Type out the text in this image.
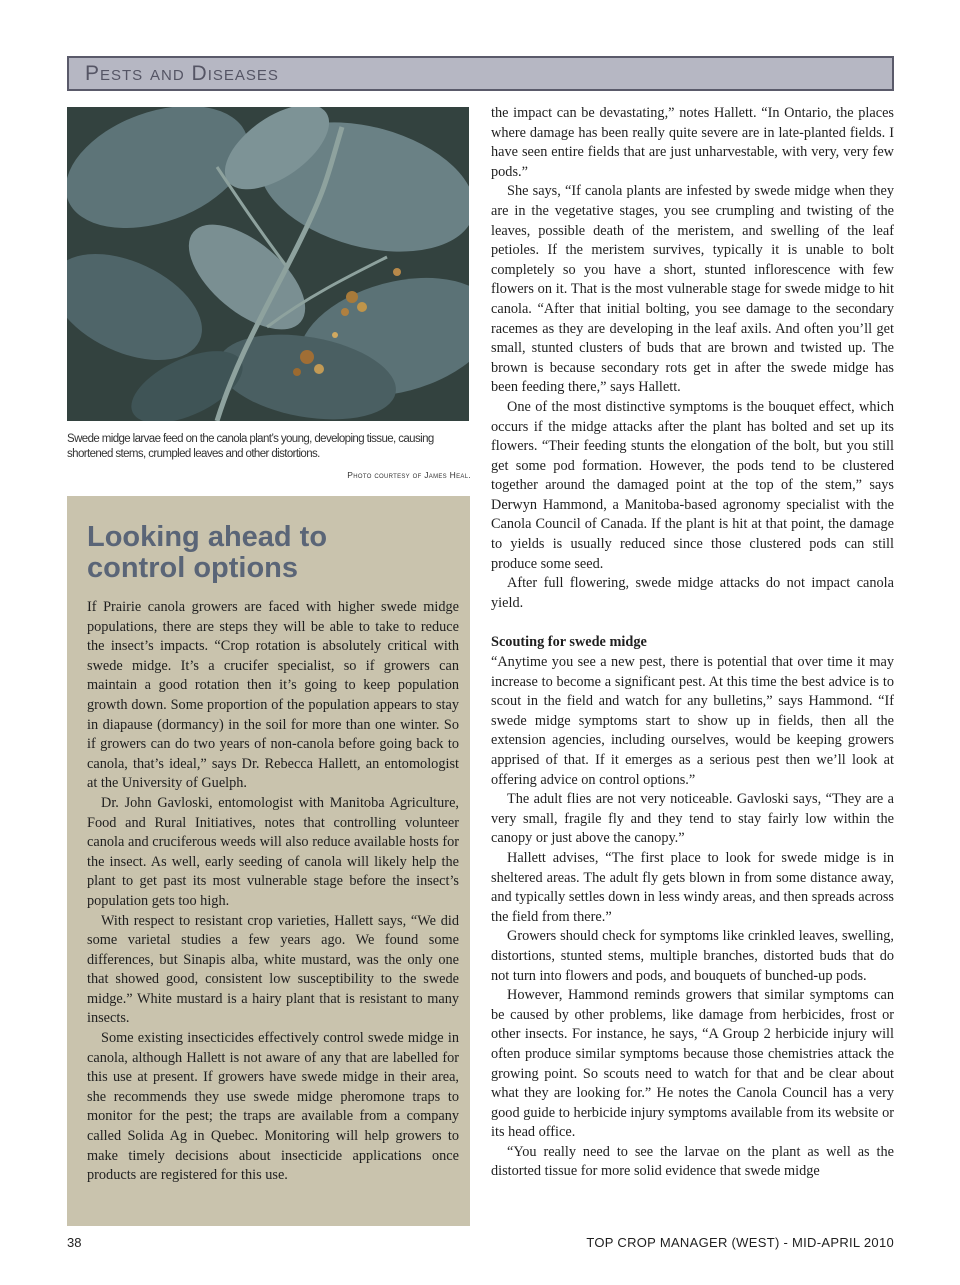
Pests and Diseases
Swede midge larvae feed on the canola plant’s young, developing tissue, causing shortened stems, crumpled leaves and other distortions.
Photo courtesy of James Heal.
Looking ahead to control options

If Prairie canola growers are faced with higher swede midge populations, there are steps they will be able to take to reduce the insect’s impacts. “Crop rotation is absolutely critical with swede midge. It’s a crucifer specialist, so if growers can maintain a good rotation then it’s going to keep population growth down. Some proportion of the population appears to stay in diapause (dormancy) in the soil for more than one winter. So if growers can do two years of non-canola before going back to canola, that’s ideal,” says Dr. Rebecca Hallett, an entomologist at the University of Guelph.

Dr. John Gavloski, entomologist with Manitoba Agriculture, Food and Rural Initiatives, notes that controlling volunteer canola and cruciferous weeds will also reduce available hosts for the insect. As well, early seeding of canola will likely help the plant to get past its most vulnerable stage before the insect’s population gets too high.

With respect to resistant crop varieties, Hallett says, “We did some varietal studies a few years ago. We found some differences, but Sinapis alba, white mustard, was the only one that showed good, consistent low susceptibility to the swede midge.” White mustard is a hairy plant that is resistant to many insects.

Some existing insecticides effectively control swede midge in canola, although Hallett is not aware of any that are labelled for this use at present. If growers have swede midge in their area, she recommends they use swede midge pheromone traps to monitor for the pest; the traps are available from a company called Solida Ag in Quebec. Monitoring will help growers to make timely decisions about insecticide applications once products are registered for this use.

the impact can be devastating,” notes Hallett. “In Ontario, the places where damage has been really quite severe are in late-planted fields. I have seen entire fields that are just unharvestable, with very, very few pods.”

She says, “If canola plants are infested by swede midge when they are in the vegetative stages, you see crumpling and twisting of the leaves, possible death of the meristem, and swelling of the leaf petioles. If the meristem survives, typically it is unable to bolt completely so you have a short, stunted inflorescence with few flowers on it. That is the most vulnerable stage for swede midge to hit canola. “After that initial bolting, you see damage to the secondary racemes as they are developing in the leaf axils. And often you’ll get small, stunted clusters of buds that are brown and twisted up. The brown is because secondary rots get in after the swede midge has been feeding there,” says Hallett.

One of the most distinctive symptoms is the bouquet effect, which occurs if the midge attacks after the plant has bolted and set up its flowers. “Their feeding stunts the elongation of the bolt, but you still get some pod formation. However, the pods tend to be clustered together around the damaged point at the top of the stem,” says Derwyn Hammond, a Manitoba-based agronomy specialist with the Canola Council of Canada. If the plant is hit at that point, the damage to yields is usually reduced since those clustered pods can still produce some seed.

After full flowering, swede midge attacks do not impact canola yield.

Scouting for swede midge

“Anytime you see a new pest, there is potential that over time it may increase to become a significant pest. At this time the best advice is to scout in the field and watch for any bulletins,” says Hammond. “If swede midge symptoms start to show up in fields, then all the extension agencies, including ourselves, would be keeping growers apprised of that. If it emerges as a serious pest then we’ll look at offering advice on control options.”

The adult flies are not very noticeable. Gavloski says, “They are a very small, fragile fly and they tend to stay fairly low within the canopy or just above the canopy.”

Hallett advises, “The first place to look for swede midge is in sheltered areas. The adult fly gets blown in from some distance away, and typically settles down in less windy areas, and then spreads across the field from there.”

Growers should check for symptoms like crinkled leaves, swelling, distortions, stunted stems, multiple branches, distorted buds that do not turn into flowers and pods, and bouquets of bunched-up pods.

However, Hammond reminds growers that similar symptoms can be caused by other problems, like damage from herbicides, frost or other insects. For instance, he says, “A Group 2 herbicide injury will often produce similar symptoms because those chemistries attack the growing point. So scouts need to watch for that and be clear about what they are looking for.” He notes the Canola Council has a very good guide to herbicide injury symptoms available from its website or its head office.

“You really need to see the larvae on the plant as well as the distorted tissue for more solid evidence that swede midge

38	TOP CROP MANAGER (WEST) - MID-APRIL 2010
